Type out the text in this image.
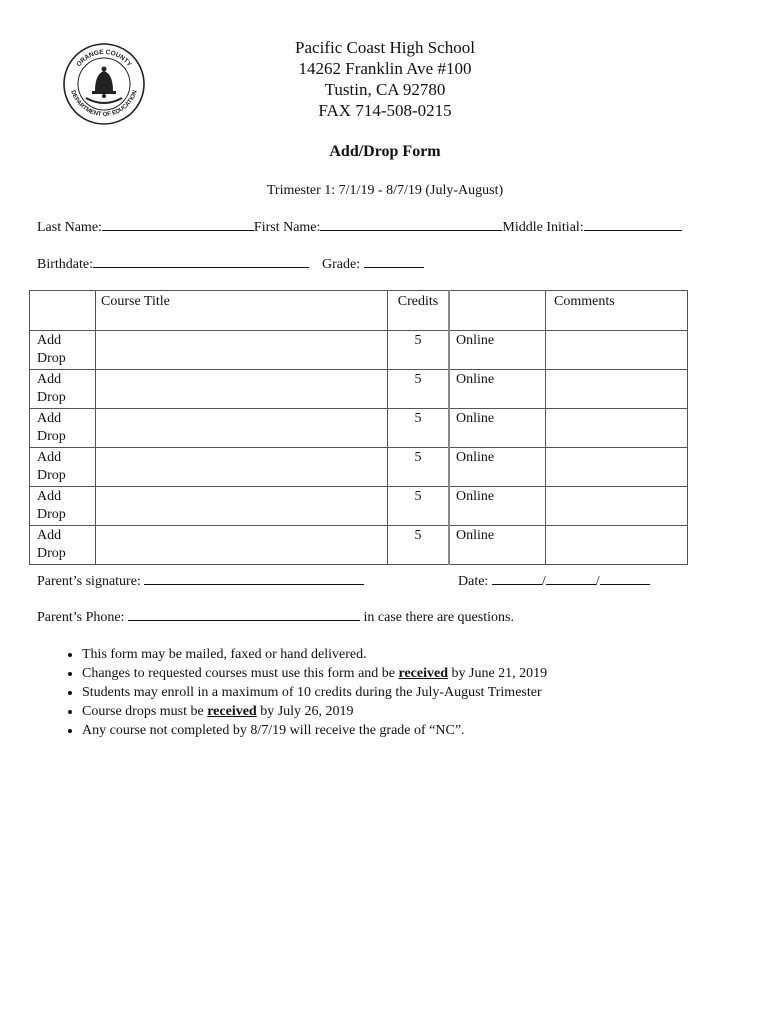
ORANGE COUNTY
DEPARTMENT OF EDUCATION
Pacific Coast High School
14262 Franklin Ave #100
Tustin, CA 92780
FAX 714-508-0215
Add/Drop Form
Trimester 1: 7/1/19 - 8/7/19 (July-August)
Last Name:	First Name:	Middle Initial:
Birthdate:	Grade:
	Course Title	Credits		Comments

Add
Drop		5	Online	

Add
Drop		5	Online	

Add
Drop		5	Online	

Add
Drop		5	Online	

Add
Drop		5	Online	

Add
Drop		5	Online	
Parent’s signature:	Date:	/	/
Parent’s Phone:	in case there are questions.
• This form may be mailed, faxed or hand delivered.
• Changes to requested courses must use this form and be received by June 21, 2019
• Students may enroll in a maximum of 10 credits during the July-August Trimester
• Course drops must be received by July 26, 2019
• Any course not completed by 8/7/19 will receive the grade of “NC”.
